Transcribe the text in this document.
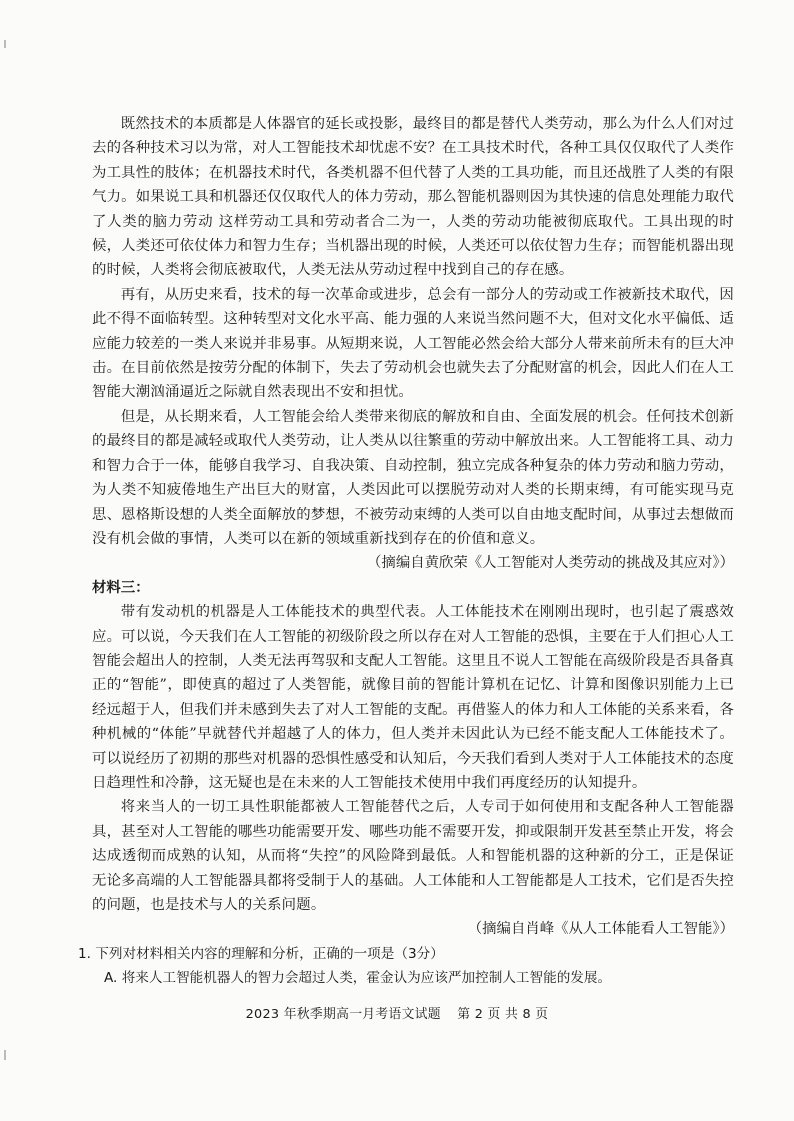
既然技术的本质都是人体器官的延长或投影，最终目的都是替代人类劳动，那么为什么人们对过去的各种技术习以为常，对人工智能技术却忧虑不安？在工具技术时代，各种工具仅仅取代了人类作为工具性的肢体；在机器技术时代，各类机器不但代替了人类的工具功能，而且还战胜了人类的有限气力。如果说工具和机器还仅仅取代人的体力劳动，那么智能机器则因为其快速的信息处理能力取代了人类的脑力劳动 这样劳动工具和劳动者合二为一，人类的劳动功能被彻底取代。工具出现的时候，人类还可依仗体力和智力生存；当机器出现的时候，人类还可以依仗智力生存；而智能机器出现的时候，人类将会彻底被取代，人类无法从劳动过程中找到自己的存在感。

再有，从历史来看，技术的每一次革命或进步，总会有一部分人的劳动或工作被新技术取代，因此不得不面临转型。这种转型对文化水平高、能力强的人来说当然问题不大，但对文化水平偏低、适应能力较差的一类人来说并非易事。从短期来说，人工智能必然会给大部分人带来前所未有的巨大冲击。在目前依然是按劳分配的体制下，失去了劳动机会也就失去了分配财富的机会，因此人们在人工智能大潮汹涌逼近之际就自然表现出不安和担忧。

但是，从长期来看，人工智能会给人类带来彻底的解放和自由、全面发展的机会。任何技术创新的最终目的都是减轻或取代人类劳动，让人类从以往繁重的劳动中解放出来。人工智能将工具、动力和智力合于一体，能够自我学习、自我决策、自动控制，独立完成各种复杂的体力劳动和脑力劳动，为人类不知疲倦地生产出巨大的财富，人类因此可以摆脱劳动对人类的长期束缚，有可能实现马克思、恩格斯设想的人类全面解放的梦想，不被劳动束缚的人类可以自由地支配时间，从事过去想做而没有机会做的事情，人类可以在新的领域重新找到存在的价值和意义。

（摘编自黄欣荣《人工智能对人类劳动的挑战及其应对》）

材料三：

带有发动机的机器是人工体能技术的典型代表。人工体能技术在刚刚出现时，也引起了震惑效应。可以说，今天我们在人工智能的初级阶段之所以存在对人工智能的恐惧，主要在于人们担心人工智能会超出人的控制，人类无法再驾驭和支配人工智能。这里且不说人工智能在高级阶段是否具备真正的“智能”，即使真的超过了人类智能，就像目前的智能计算机在记忆、计算和图像识别能力上已经远超于人，但我们并未感到失去了对人工智能的支配。再借鉴人的体力和人工体能的关系来看，各种机械的“体能”早就替代并超越了人的体力，但人类并未因此认为已经不能支配人工体能技术了。可以说经历了初期的那些对机器的恐惧性感受和认知后，今天我们看到人类对于人工体能技术的态度日趋理性和冷静，这无疑也是在未来的人工智能技术使用中我们再度经历的认知提升。

将来当人的一切工具性职能都被人工智能替代之后，人专司于如何使用和支配各种人工智能器具，甚至对人工智能的哪些功能需要开发、哪些功能不需要开发，抑或限制开发甚至禁止开发，将会达成透彻而成熟的认知，从而将“失控”的风险降到最低。人和智能机器的这种新的分工，正是保证无论多高端的人工智能器具都将受制于人的基础。人工体能和人工智能都是人工技术，它们是否失控的问题，也是技术与人的关系问题。

（摘编自肖峰《从人工体能看人工智能》）

1. 下列对材料相关内容的理解和分析，正确的一项是（3分）

A. 将来人工智能机器人的智力会超过人类，霍金认为应该严加控制人工智能的发展。

2023 年秋季期高一月考语文试题 第 2 页 共 8 页
